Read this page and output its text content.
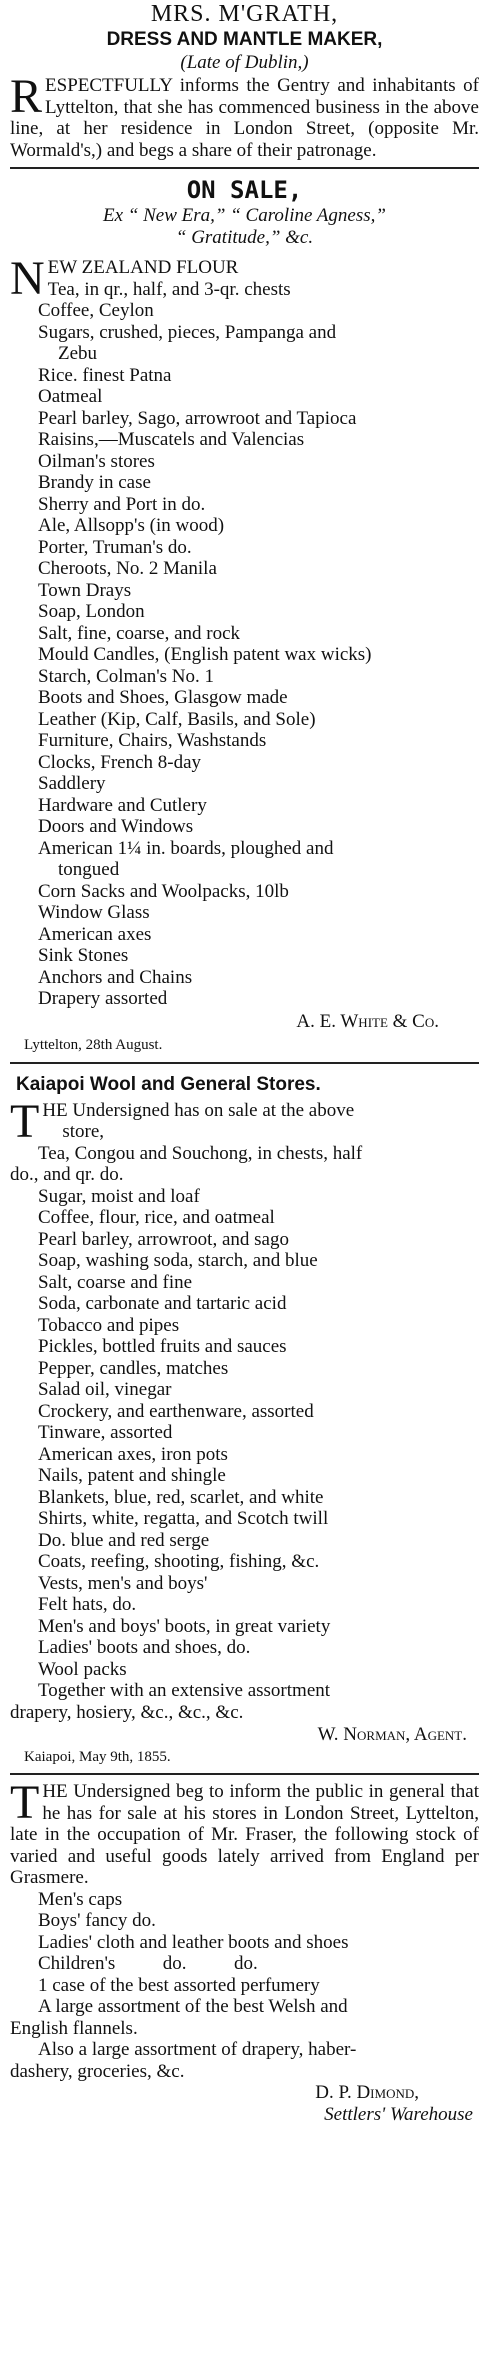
MRS. M'GRATH,
DRESS AND MANTLE MAKER,
(Late of Dublin,)
RESPECTFULLY informs the Gentry and inhabitants of Lyttelton, that she has commenced business in the above line, at her residence in London Street, (opposite Mr. Wormald's,) and begs a share of their patronage.
ON SALE,
Ex “ New Era,” “ Caroline Agness,”
“ Gratitude,” &c.
NEW ZEALAND FLOUR
Tea, in qr., half, and 3-qr. chests
Coffee, Ceylon
Sugars, crushed, pieces, Pampanga and
Zebu
Rice. finest Patna
Oatmeal
Pearl barley, Sago, arrowroot and Tapioca
Raisins,—Muscatels and Valencias
Oilman's stores
Brandy in case
Sherry and Port in do.
Ale, Allsopp's (in wood)
Porter, Truman's do.
Cheroots, No. 2 Manila
Town Drays
Soap, London
Salt, fine, coarse, and rock
Mould Candles, (English patent wax wicks)
Starch, Colman's No. 1
Boots and Shoes, Glasgow made
Leather (Kip, Calf, Basils, and Sole)
Furniture, Chairs, Washstands
Clocks, French 8-day
Saddlery
Hardware and Cutlery
Doors and Windows
American 1¼ in. boards, ploughed and
tongued
Corn Sacks and Woolpacks, 10lb
Window Glass
American axes
Sink Stones
Anchors and Chains
Drapery assorted
A. E. White & Co.
Lyttelton, 28th August.
Kaiapoi Wool and General Stores.
THE Undersigned has on sale at the above
store,
Tea, Congou and Souchong, in chests, half
do., and qr. do.
Sugar, moist and loaf
Coffee, flour, rice, and oatmeal
Pearl barley, arrowroot, and sago
Soap, washing soda, starch, and blue
Salt, coarse and fine
Soda, carbonate and tartaric acid
Tobacco and pipes
Pickles, bottled fruits and sauces
Pepper, candles, matches
Salad oil, vinegar
Crockery, and earthenware, assorted
Tinware, assorted
American axes, iron pots
Nails, patent and shingle
Blankets, blue, red, scarlet, and white
Shirts, white, regatta, and Scotch twill
Do. blue and red serge
Coats, reefing, shooting, fishing, &c.
Vests, men's and boys'
Felt hats, do.
Men's and boys' boots, in great variety
Ladies' boots and shoes, do.
Wool packs
Together with an extensive assortment
drapery, hosiery, &c., &c., &c.
W. Norman, Agent.
Kaiapoi, May 9th, 1855.
THE Undersigned beg to inform the public in general that he has for sale at his stores in London Street, Lyttelton, late in the occupation of Mr. Fraser, the following stock of varied and useful goods lately arrived from England per Grasmere.
Men's caps
Boys' fancy do.
Ladies' cloth and leather boots and shoes
Children's          do.          do.
1 case of the best assorted perfumery
A large assortment of the best Welsh and
English flannels.
Also a large assortment of drapery, haber-
dashery, groceries, &c.
D. P. Dimond,
Settlers' Warehouse
